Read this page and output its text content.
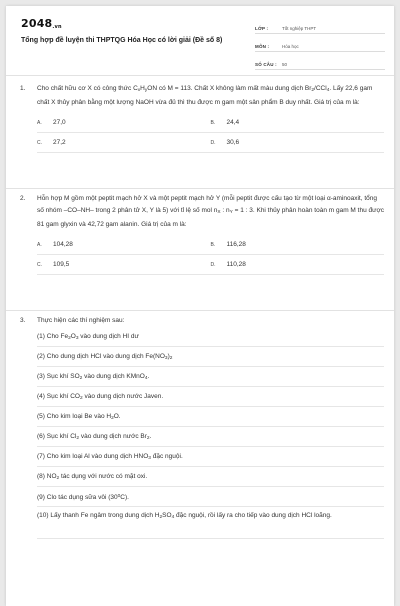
$2048_{.vn}$
Tổng hợp đề luyện thi THPTQG Hóa Học có lời giải (Đề số 8)
LỚP :	Tốt nghiệp THPT
MÔN :	Hóa học
SỐ CÂU :	50
1.	Cho chất hữu cơ X có công thức $C_xH_yON$ có M = 113. Chất X không làm mất màu dung dịch $Br_2/CCl_4$. Lấy 22,6 gam chất X thủy phân bằng một lượng NaOH vừa đủ thì thu được m gam một sản phẩm B duy nhất. Giá trị của m là:
A.	27,0	B.	24,4
C.	27,2	D.	30,6
2.	Hỗn hợp M gồm một peptit mạch hở X và một peptit mạch hở Y (mỗi peptit được cấu tạo từ một loại α-aminoaxit, tổng số nhóm –CO–NH– trong 2 phân tử X, Y là 5) với tỉ lệ số mol $n_X$ : $n_Y = 1$ : 3. Khi thủy phân hoàn toàn m gam M thu được 81 gam glyxin và 42,72 gam alanin. Giá trị của m là:
A.	104,28	B.	116,28
C.	109,5	D.	110,28
3.	Thực hiện các thí nghiệm sau:
(1) Cho $Fe_2O_3$ vào dung dịch HI dư
(2) Cho dung dịch HCl vào dung dịch $Fe(NO_3)_2$
(3) Sục khí $SO_2$ vào dung dịch KMnO$_4$.
(4) Sục khí $CO_2$ vào dung dịch nước Javen.
(5) Cho kim loại Be vào $H_2O$.
(6) Sục khí $Cl_2$ vào dung dịch nước $Br_2$.
(7) Cho kim loại Al vào dung dịch $HNO_3$ đặc nguội.
(8) $NO_2$ tác dụng với nước có mặt oxi.
(9) Clo tác dụng sữa vôi $(30^0C)$.
(10) Lấy thanh Fe ngâm trong dung dịch $H_2SO_4$ đặc nguội, rồi lấy ra cho tiếp vào dung dịch HCl loãng.
